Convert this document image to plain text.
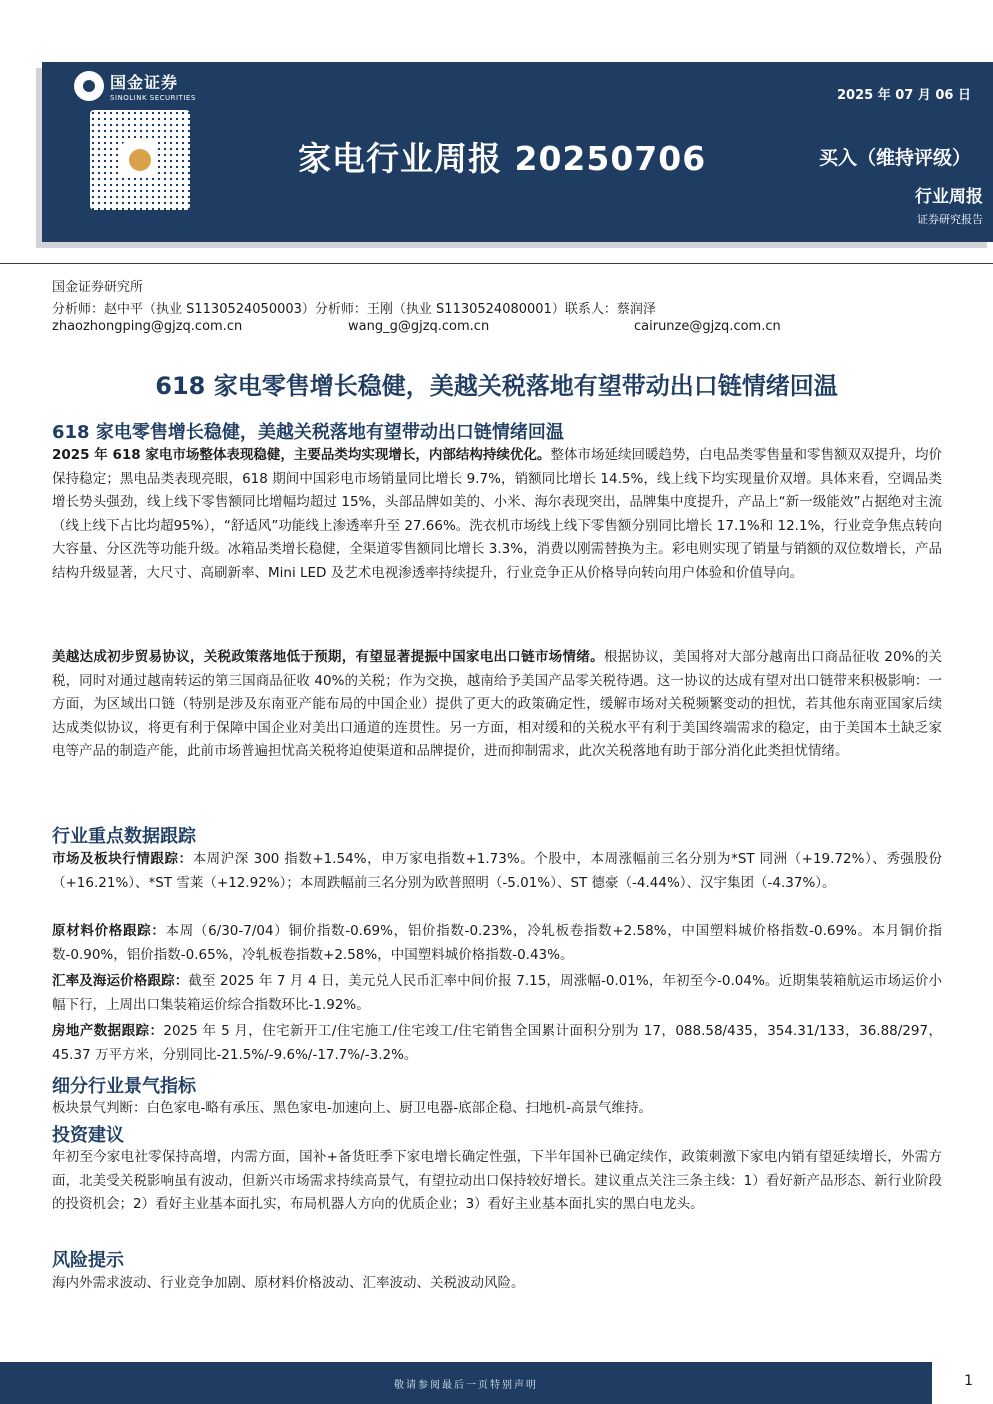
国金证券
SINOLINK SECURITIES	2025 年 07 月 06 日
家电行业周报 20250706	买入（维持评级）
行业周报
证券研究报告
国金证券研究所
分析师：赵中平（执业 S1130524050003）分析师：王刚（执业 S1130524080001）联系人：蔡润泽
zhaozhongping@gjzq.com.cn	wang_g@gjzq.com.cn	cairunze@gjzq.com.cn
618 家电零售增长稳健，美越关税落地有望带动出口链情绪回温
618 家电零售增长稳健，美越关税落地有望带动出口链情绪回温
2025 年 618 家电市场整体表现稳健，主要品类均实现增长，内部结构持续优化。整体市场延续回暖趋势，白电品类零售量和零售额双双提升，均价保持稳定；黑电品类表现亮眼，618 期间中国彩电市场销量同比增长 9.7%，销额同比增长 14.5%，线上线下均实现量价双增。具体来看，空调品类增长势头强劲，线上线下零售额同比增幅均超过 15%，头部品牌如美的、小米、海尔表现突出，品牌集中度提升，产品上“新一级能效”占据绝对主流（线上线下占比均超95%），“舒适风”功能线上渗透率升至 27.66%。洗衣机市场线上线下零售额分别同比增长 17.1%和 12.1%，行业竞争焦点转向大容量、分区洗等功能升级。冰箱品类增长稳健，全渠道零售额同比增长 3.3%，消费以刚需替换为主。彩电则实现了销量与销额的双位数增长，产品结构升级显著，大尺寸、高刷新率、Mini LED 及艺术电视渗透率持续提升，行业竞争正从价格导向转向用户体验和价值导向。
美越达成初步贸易协议，关税政策落地低于预期，有望显著提振中国家电出口链市场情绪。根据协议，美国将对大部分越南出口商品征收 20%的关税，同时对通过越南转运的第三国商品征收 40%的关税；作为交换，越南给予美国产品零关税待遇。这一协议的达成有望对出口链带来积极影响：一方面，为区域出口链（特别是涉及东南亚产能布局的中国企业）提供了更大的政策确定性，缓解市场对关税频繁变动的担忧，若其他东南亚国家后续达成类似协议，将更有利于保障中国企业对美出口通道的连贯性。另一方面，相对缓和的关税水平有利于美国终端需求的稳定，由于美国本土缺乏家电等产品的制造产能，此前市场普遍担忧高关税将迫使渠道和品牌提价，进而抑制需求，此次关税落地有助于部分消化此类担忧情绪。
行业重点数据跟踪
市场及板块行情跟踪：本周沪深 300 指数+1.54%，申万家电指数+1.73%。个股中，本周涨幅前三名分别为*ST 同洲（+19.72%）、秀强股份（+16.21%）、*ST 雪莱（+12.92%）；本周跌幅前三名分别为欧普照明（-5.01%）、ST 德豪（-4.44%）、汉宇集团（-4.37%）。
原材料价格跟踪：本周（6/30-7/04）铜价指数-0.69%，铝价指数-0.23%，冷轧板卷指数+2.58%，中国塑料城价格指数-0.69%。本月铜价指数-0.90%，铝价指数-0.65%，冷轧板卷指数+2.58%，中国塑料城价格指数-0.43%。
汇率及海运价格跟踪：截至 2025 年 7 月 4 日，美元兑人民币汇率中间价报 7.15，周涨幅-0.01%，年初至今-0.04%。近期集装箱航运市场运价小幅下行，上周出口集装箱运价综合指数环比-1.92%。
房地产数据跟踪：2025 年 5 月，住宅新开工/住宅施工/住宅竣工/住宅销售全国累计面积分别为 17，088.58/435，354.31/133，36.88/297，45.37 万平方米，分别同比-21.5%/-9.6%/-17.7%/-3.2%。
细分行业景气指标
板块景气判断：白色家电-略有承压、黑色家电-加速向上、厨卫电器-底部企稳、扫地机-高景气维持。
投资建议
年初至今家电社零保持高增，内需方面，国补+备货旺季下家电增长确定性强，下半年国补已确定续作，政策刺激下家电内销有望延续增长，外需方面，北美受关税影响虽有波动，但新兴市场需求持续高景气，有望拉动出口保持较好增长。建议重点关注三条主线：1）看好新产品形态、新行业阶段的投资机会；2）看好主业基本面扎实，布局机器人方向的优质企业；3）看好主业基本面扎实的黑白电龙头。
风险提示
海内外需求波动、行业竞争加剧、原材料价格波动、汇率波动、关税波动风险。
敬请参阅最后一页特别声明	1
